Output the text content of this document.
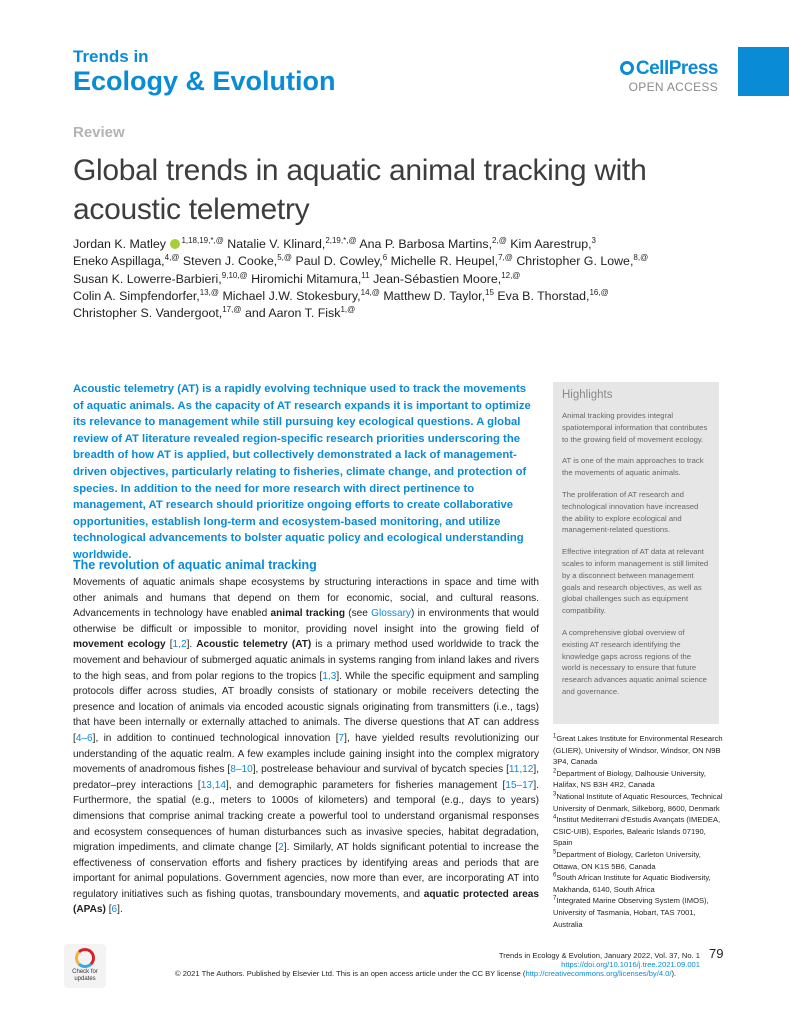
Trends in
Ecology & Evolution	CellPress
OPEN ACCESS
Review
Global trends in aquatic animal tracking with acoustic telemetry
Jordan K. Matley $^{1,18,19,*,@}$ Natalie V. Klinard,$^{2,19,*,@}$ Ana P. Barbosa Martins,$^{2,@}$ Kim Aarestrup,$^3$
Eneko Aspillaga,$^{4,@}$ Steven J. Cooke,$^{5,@}$ Paul D. Cowley,$^6$ Michelle R. Heupel,$^{7,@}$ Christopher G. Lowe,$^{8,@}$
Susan K. Lowerre-Barbieri,$^{9,10,@}$ Hiromichi Mitamura,$^{11}$ Jean-Sébastien Moore,$^{12,@}$
Colin A. Simpfendorfer,$^{13,@}$ Michael J.W. Stokesbury,$^{14,@}$ Matthew D. Taylor,$^{15}$ Eva B. Thorstad,$^{16,@}$
Christopher S. Vandergoot,$^{17,@}$ and Aaron T. Fisk$^{1,@}$

Acoustic telemetry (AT) is a rapidly evolving technique used to track the movements of aquatic animals. As the capacity of AT research expands it is important to optimize its relevance to management while still pursuing key ecological questions. A global review of AT literature revealed region-specific research priorities underscoring the breadth of how AT is applied, but collectively demonstrated a lack of management-driven objectives, particularly relating to fisheries, climate change, and protection of species. In addition to the need for more research with direct pertinence to management, AT research should prioritize ongoing efforts to create collaborative opportunities, establish long-term and ecosystem-based monitoring, and utilize technological advancements to bolster aquatic policy and ecological understanding worldwide.

Highlights

Animal tracking provides integral spatiotemporal information that contributes to the growing field of movement ecology.

AT is one of the main approaches to track the movements of aquatic animals.

The proliferation of AT research and technological innovation have increased the ability to explore ecological and management-related questions.

Effective integration of AT data at relevant scales to inform management is still limited by a disconnect between management goals and research objectives, as well as global challenges such as equipment compatibility.

A comprehensive global overview of existing AT research identifying the knowledge gaps across regions of the world is necessary to ensure that future research advances aquatic animal science and governance.

$^1$Great Lakes Institute for Environmental Research (GLIER), University of Windsor, Windsor, ON N9B 3P4, Canada
$^2$Department of Biology, Dalhousie University, Halifax, NS B3H 4R2, Canada
$^3$National Institute of Aquatic Resources, Technical University of Denmark, Silkeborg, 8600, Denmark
$^4$Institut Mediterrani d'Estudis Avançats (IMEDEA, CSIC-UIB), Esporles, Balearic Islands 07190, Spain
$^5$Department of Biology, Carleton University, Ottawa, ON K1S 5B6, Canada
$^6$South African Institute for Aquatic Biodiversity, Makhanda, 6140, South Africa
$^7$Integrated Marine Observing System (IMOS), University of Tasmania, Hobart, TAS 7001, Australia
The revolution of aquatic animal tracking

Movements of aquatic animals shape ecosystems by structuring interactions in space and time with other animals and humans that depend on them for economic, social, and cultural reasons. Advancements in technology have enabled animal tracking (see Glossary) in environments that would otherwise be difficult or impossible to monitor, providing novel insight into the growing field of movement ecology [1,2]. Acoustic telemetry (AT) is a primary method used worldwide to track the movement and behaviour of submerged aquatic animals in systems ranging from inland lakes and rivers to the high seas, and from polar regions to the tropics [1,3]. While the specific equipment and sampling protocols differ across studies, AT broadly consists of stationary or mobile receivers detecting the presence and location of animals via encoded acoustic signals originating from transmitters (i.e., tags) that have been internally or externally attached to animals. The diverse questions that AT can address [4–6], in addition to continued technological innovation [7], have yielded results revolutionizing our understanding of the aquatic realm. A few examples include gaining insight into the complex migratory movements of anadromous fishes [8–10], postrelease behaviour and survival of bycatch species [11,12], predator–prey interactions [13,14], and demographic parameters for fisheries management [15–17]. Furthermore, the spatial (e.g., meters to 1000s of kilometers) and temporal (e.g., days to years) dimensions that comprise animal tracking create a powerful tool to understand organismal responses and ecosystem consequences of human disturbances such as invasive species, habitat degradation, migration impediments, and climate change [2]. Similarly, AT holds significant potential to increase the effectiveness of conservation efforts and fishery practices by identifying areas and periods that are important for animal populations. Government agencies, now more than ever, are incorporating AT into regulatory initiatives such as fishing quotas, transboundary movements, and aquatic protected areas (APAs) [6].

Check for
updates
Trends in Ecology & Evolution, January 2022, Vol. 37, No. 1
https://doi.org/10.1016/j.tree.2021.09.001
79
© 2021 The Authors. Published by Elsevier Ltd. This is an open access article under the CC BY license (http://creativecommons.org/licenses/by/4.0/).
